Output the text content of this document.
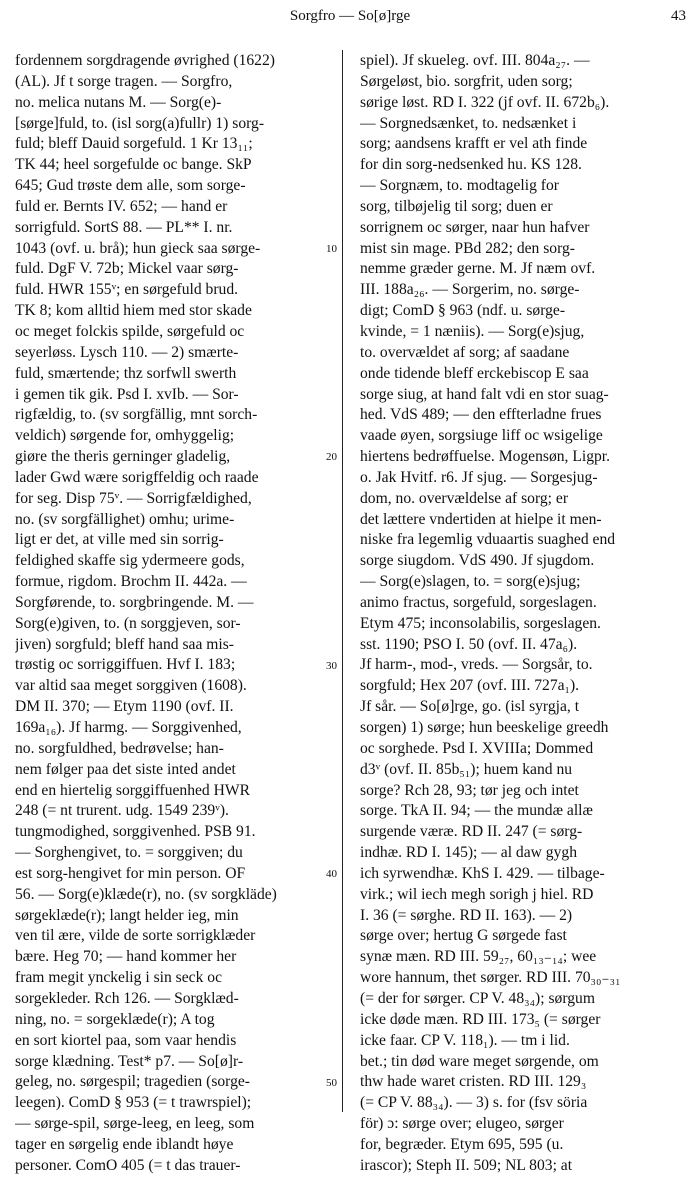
Sorgfro — So[ø]rge	43
fordennem sorgdragende øvrighed (1622)
(AL). Jf t sorge tragen. — Sorgfro,
no. melica nutans M. — Sorg(e)-
[sørge]fuld, to. (isl sorg(a)fullr) 1) sorg-
fuld; bleff Dauid sorgefuld. 1 Kr 13₁₁;
TK 44; heel sorgefulde oc bange. SkP
645; Gud trøste dem alle, som sorge-
fuld er. Bernts IV. 652; — hand er
sorrigfuld. SortS 88. — PL** I. nr.
1043 (ovf. u. brå); hun gieck saa sørge-
fuld. DgF V. 72b; Mickel vaar sørg-
fuld. HWR 155ᵛ; en sørgefuld brud.
TK 8; kom alltid hiem med stor skade
oc meget folckis spilde, sørgefuld oc
seyerløss. Lysch 110. — 2) smærte-
fuld, smærtende; thz sorfwll swerth
i gemen tik gik. Psd I. xvIb. — Sor-
rigfældig, to. (sv sorgfällig, mnt sorch-
veldich) sørgende for, omhyggelig;
giøre the theris gerninger gladelig,
lader Gwd wære sorigffeldig och raade
for seg. Disp 75ᵛ. — Sorrigfældighed,
no. (sv sorgfällighet) omhu; urime-
ligt er det, at ville med sin sorrig-
feldighed skaffe sig ydermeere gods,
formue, rigdom. Brochm II. 442a. —
Sorgførende, to. sorgbringende. M. —
Sorg(e)given, to. (n sorggjeven, sor-
jiven) sorgfuld; bleff hand saa mis-
trøstig oc sorriggiffuen. Hvf I. 183;
var altid saa meget sorggiven (1608).
DM II. 370; — Etym 1190 (ovf. II.
169a₁₆). Jf harmg. — Sorggivenhed,
no. sorgfuldhed, bedrøvelse; han-
nem følger paa det siste inted andet
end en hiertelig sorggiffuenhed HWR
248 (= nt trurent. udg. 1549 239ᵛ).
tungmodighed, sorggivenhed. PSB 91.
— Sorghengivet, to. = sorggiven; du
est sorg-hengivet for min person. OF
56. — Sorg(e)klæde(r), no. (sv sorgkläde)
sørgeklæde(r); langt helder ieg, min
ven til ære, vilde de sorte sorrigklæder
bære. Heg 70; — hand kommer her
fram megit ynckelig i sin seck oc
sorgekleder. Rch 126. — Sorgklæd-
ning, no. = sorgeklæde(r); A tog
en sort kiortel paa, som vaar hendis
sorge klædning. Test* p7. — So[ø]r-
geleg, no. sørgespil; tragedien (sorge-
leegen). ComD § 953 (= t trawrspiel);
— sørge-spil, sørge-leeg, en leeg, som
tager en sørgelig ende iblandt høye
personer. ComO 405 (= t das trauer-
10
20
30
40
50
spiel). Jf skueleg. ovf. III. 804a₂₇. —
Sørgeløst, bio. sorgfrit, uden sorg;
sørige løst. RD I. 322 (jf ovf. II. 672b₆).
— Sorgnedsænket, to. nedsænket i
sorg; aandsens krafft er vel ath finde
for din sorg-nedsenked hu. KS 128.
— Sorgnæm, to. modtagelig for
sorg, tilbøjelig til sorg; duen er
sorrignem oc sørger, naar hun hafver
mist sin mage. PBd 282; den sorg-
nemme græder gerne. M. Jf næm ovf.
III. 188a₂₆. — Sorgerim, no. sørge-
digt; ComD § 963 (ndf. u. sørge-
kvinde, = 1 næniis). — Sorg(e)sjug,
to. overvældet af sorg; af saadane
onde tidende bleff erckebiscop E saa
sorge siug, at hand falt vdi en stor suag-
hed. VdS 489; — den effterladne frues
vaade øyen, sorgsiuge liff oc wsigelige
hiertens bedrøffuelse. Mogensøn, Ligpr.
o. Jak Hvitf. r6. Jf sjug. — Sorgesjug-
dom, no. overvældelse af sorg; er
det lættere vndertiden at hielpe it men-
niske fra legemlig vduaartis suaghed end
sorge siugdom. VdS 490. Jf sjugdom.
— Sorg(e)slagen, to. = sorg(e)sjug;
animo fractus, sorgefuld, sorgeslagen.
Etym 475; inconsolabilis, sorgeslagen.
sst. 1190; PSO I. 50 (ovf. II. 47a₆).
Jf harm-, mod-, vreds. — Sorgsår, to.
sorgfuld; Hex 207 (ovf. III. 727a₁).
Jf sår. — So[ø]rge, go. (isl syrgja, t
sorgen) 1) sørge; hun beeskelige greedh
oc sorghede. Psd I. XVIIIa; Dommed
d3ᵛ (ovf. II. 85b₅₁); huem kand nu
sorge? Rch 28, 93; tør jeg och intet
sorge. TkA II. 94; — the mundæ allæ
surgende væræ. RD II. 247 (= sørg-
indhæ. RD I. 145); — al daw gygh
ich syrwendhæ. KhS I. 429. — tilbage-
virk.; wil iech megh sorigh j hiel. RD
I. 36 (= sørghe. RD II. 163). — 2)
sørge over; hertug G sørgede fast
synæ mæn. RD III. 59₂₇, 60₁₃₋₁₄; wee
wore hannum, thet sørger. RD III. 70₃₀₋₃₁
(= der for sørger. CP V. 48₃₄); sørgum
icke døde mæn. RD III. 173₅ (= sørger
icke faar. CP V. 118₁). — tm i lid.
bet.; tin død ware meget sørgende, om
thw hade waret cristen. RD III. 129₃
(= CP V. 88₃₄). — 3) s. for (fsv söria
för) ɔ: sørge over; elugeo, sørger
for, begræder. Etym 695, 595 (u.
irascor); Steph II. 509; NL 803; at
